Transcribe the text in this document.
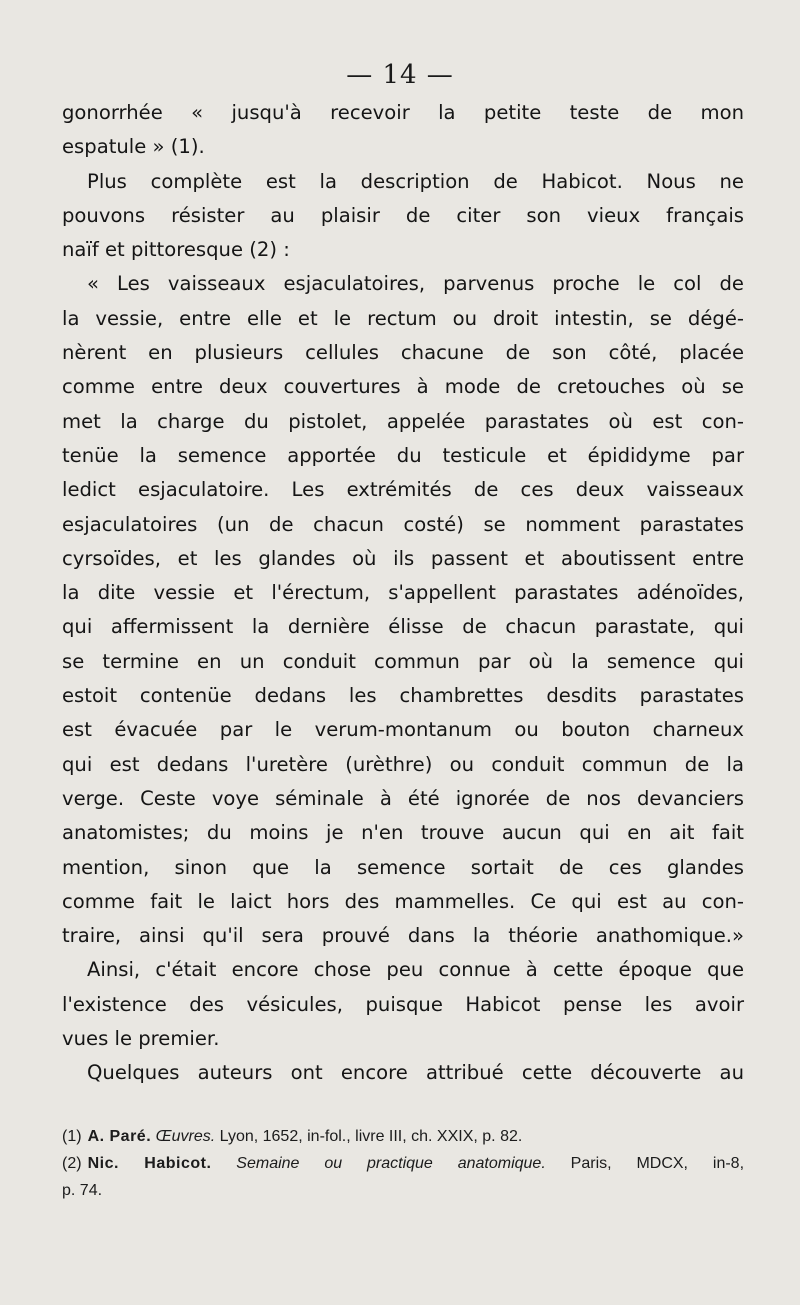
— 14 —

gonorrhée « jusqu'à recevoir la petite teste de mon

espatule » (1).

Plus complète est la description de Habicot. Nous ne

pouvons résister au plaisir de citer son vieux français

naïf et pittoresque (2) :

« Les vaisseaux esjaculatoires, parvenus proche le col de

la vessie, entre elle et le rectum ou droit intestin, se dégé-

nèrent en plusieurs cellules chacune de son côté, placée

comme entre deux couvertures à mode de cretouches où se

met la charge du pistolet, appelée parastates où est con-

tenüe la semence apportée du testicule et épididyme par

ledict esjaculatoire. Les extrémités de ces deux vaisseaux

esjaculatoires (un de chacun costé) se nomment parastates

cyrsoïdes, et les glandes où ils passent et aboutissent entre

la dite vessie et l'érectum, s'appellent parastates adénoïdes,

qui affermissent la dernière élisse de chacun parastate, qui

se termine en un conduit commun par où la semence qui

estoit contenüe dedans les chambrettes desdits parastates

est évacuée par le verum-montanum ou bouton charneux

qui est dedans l'uretère (urèthre) ou conduit commun de la

verge. Ceste voye séminale à été ignorée de nos devanciers

anatomistes; du moins je n'en trouve aucun qui en ait fait

mention, sinon que la semence sortait de ces glandes

comme fait le laict hors des mammelles. Ce qui est au con-

traire, ainsi qu'il sera prouvé dans la théorie anathomique.»

Ainsi, c'était encore chose peu connue à cette époque que

l'existence des vésicules, puisque Habicot pense les avoir

vues le premier.

Quelques auteurs ont encore attribué cette découverte au

(1) A. Paré. Œuvres. Lyon, 1652, in-fol., livre III, ch. XXIX, p. 82.

(2) Nic. Habicot. Semaine ou practique anatomique. Paris, MDCX, in-8,

p. 74.
